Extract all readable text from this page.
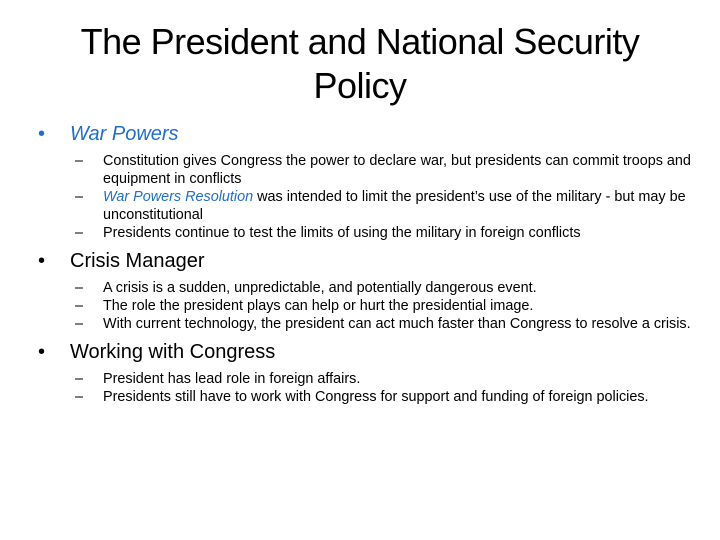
The President and National Security Policy
• War Powers
– Constitution gives Congress the power to declare war, but presidents can commit troops and equipment in conflicts
– War Powers Resolution was intended to limit the president’s use of the military - but may be unconstitutional
– Presidents continue to test the limits of using the military in foreign conflicts
• Crisis Manager
– A crisis is a sudden, unpredictable, and potentially dangerous event.
– The role the president plays can help or hurt the presidential image.
– With current technology, the president can act much faster than Congress to resolve a crisis.
• Working with Congress
– President has lead role in foreign affairs.
– Presidents still have to work with Congress for support and funding of foreign policies.
